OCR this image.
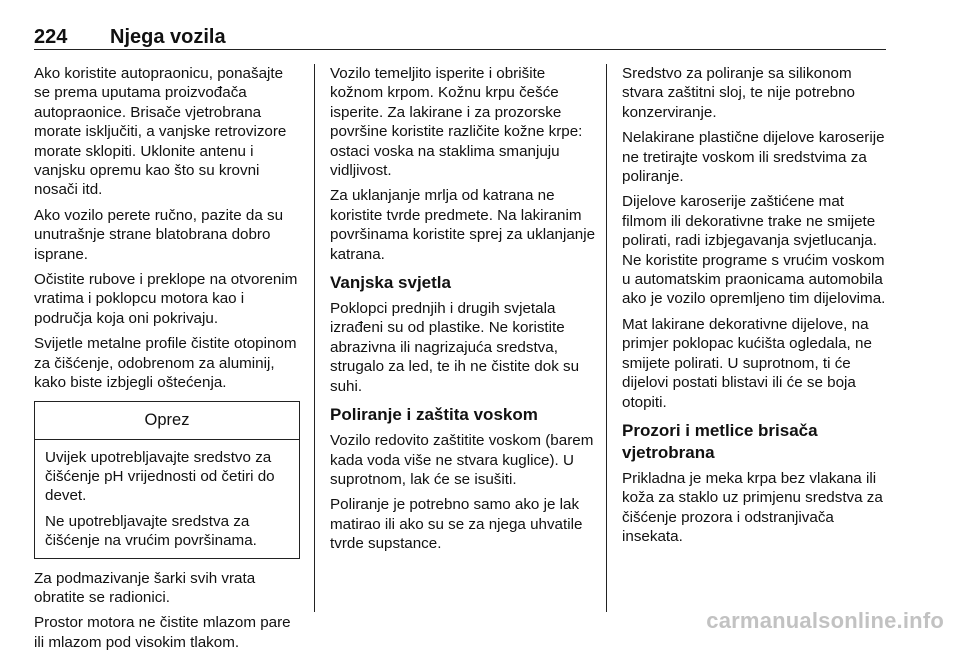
224 Njega vozila

Ako koristite autopraonicu, ponašajte se prema uputama proizvođača autopraonice. Brisače vjetrobrana morate isključiti, a vanjske retrovizore morate sklopiti. Uklonite antenu i vanjsku opremu kao što su krovni nosači itd.

Ako vozilo perete ručno, pazite da su unutrašnje strane blatobrana dobro isprane.

Očistite rubove i preklope na otvorenim vratima i poklopcu motora kao i područja koja oni pokrivaju.

Svijetle metalne profile čistite otopinom za čišćenje, odobrenom za aluminij, kako biste izbjegli oštećenja.

Oprez

Uvijek upotrebljavajte sredstvo za čišćenje pH vrijednosti od četiri do devet.

Ne upotrebljavajte sredstva za čišćenje na vrućim površinama.

Za podmazivanje šarki svih vrata obratite se radionici.

Prostor motora ne čistite mlazom pare ili mlazom pod visokim tlakom.

Vozilo temeljito isperite i obrišite kožnom krpom. Kožnu krpu češće isperite. Za lakirane i za prozorske površine koristite različite kožne krpe: ostaci voska na staklima smanjuju vidljivost.

Za uklanjanje mrlja od katrana ne koristite tvrde predmete. Na lakiranim površinama koristite sprej za uklanjanje katrana.

Vanjska svjetla

Poklopci prednjih i drugih svjetala izrađeni su od plastike. Ne koristite abrazivna ili nagrizajuća sredstva, strugalo za led, te ih ne čistite dok su suhi.

Poliranje i zaštita voskom

Vozilo redovito zaštitite voskom (barem kada voda više ne stvara kuglice). U suprotnom, lak će se isušiti.

Poliranje je potrebno samo ako je lak matirao ili ako su se za njega uhvatile tvrde supstance.

Sredstvo za poliranje sa silikonom stvara zaštitni sloj, te nije potrebno konzerviranje.

Nelakirane plastične dijelove karoserije ne tretirajte voskom ili sredstvima za poliranje.

Dijelove karoserije zaštićene mat filmom ili dekorativne trake ne smijete polirati, radi izbjegavanja svjetlucanja. Ne koristite programe s vrućim voskom u automatskim praonicama automobila ako je vozilo opremljeno tim dijelovima.

Mat lakirane dekorativne dijelove, na primjer poklopac kućišta ogledala, ne smijete polirati. U suprotnom, ti će dijelovi postati blistavi ili će se boja otopiti.

Prozori i metlice brisača vjetrobrana

Prikladna je meka krpa bez vlakana ili koža za staklo uz primjenu sredstva za čišćenje prozora i odstranjivača insekata.

carmanualsonline.info
